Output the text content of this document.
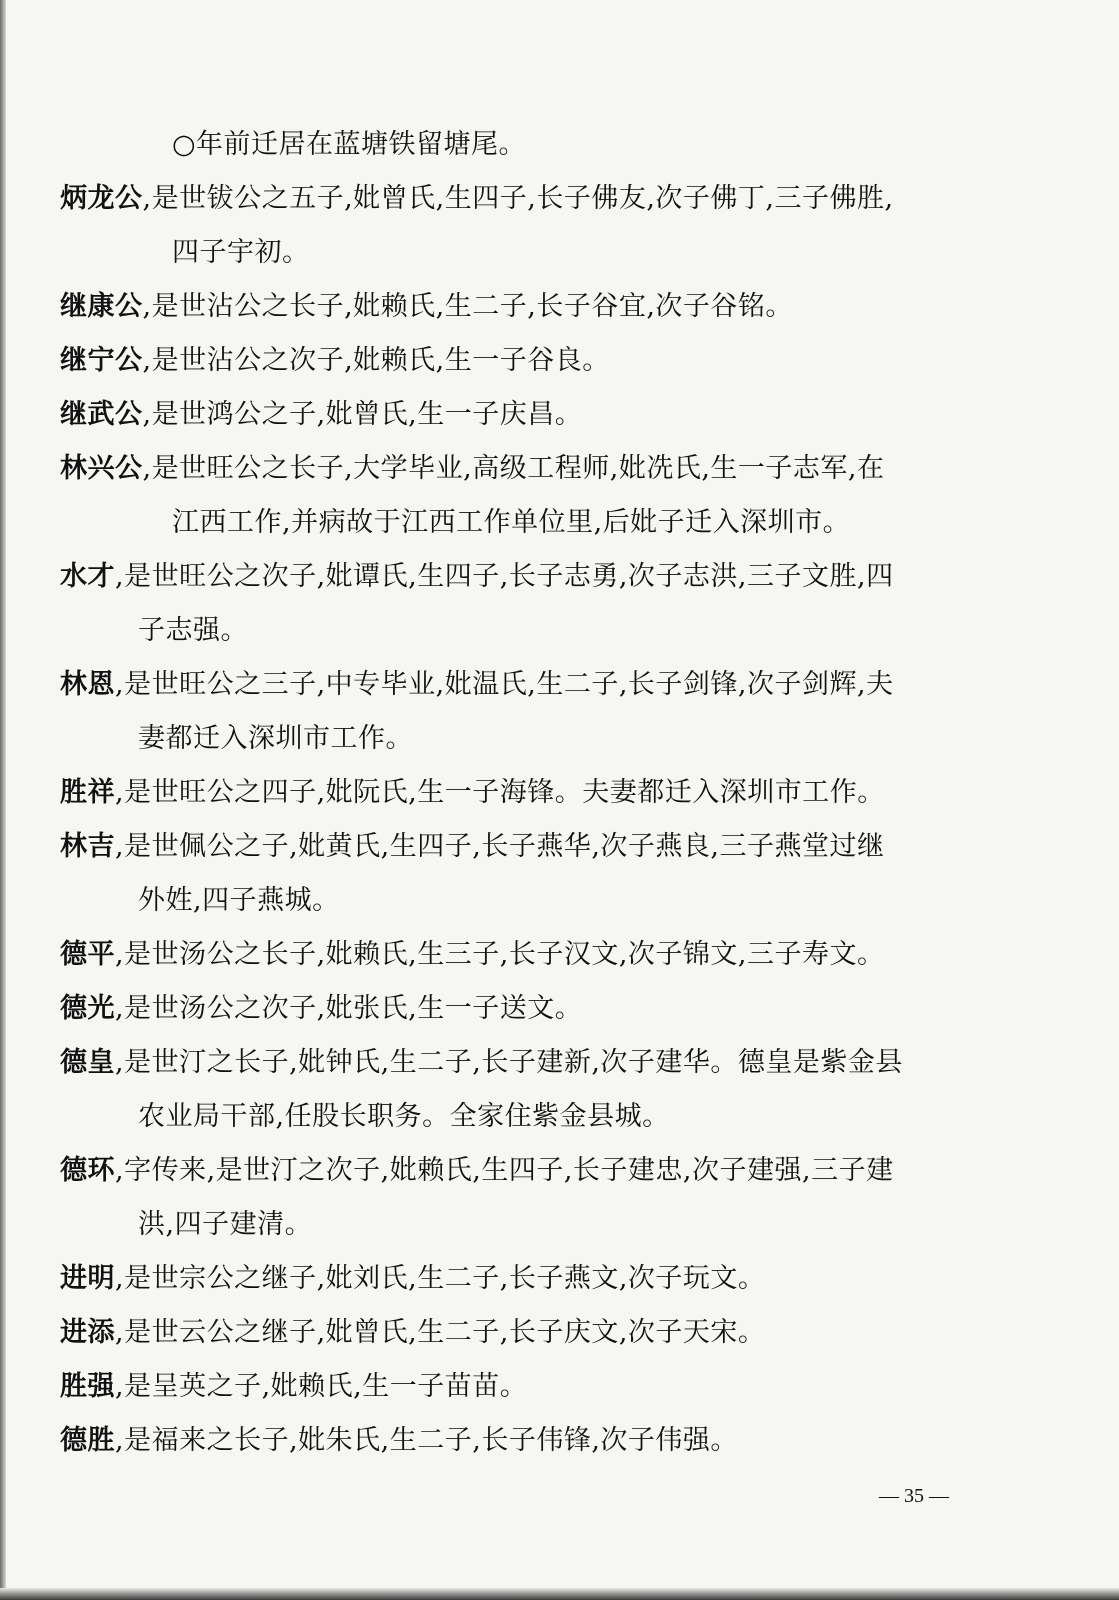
○年前迁居在蓝塘铁留塘尾。
炳龙公,是世钹公之五子,妣曾氏,生四子,长子佛友,次子佛丁,三子佛胜,
四子宇初。
继康公,是世沾公之长子,妣赖氏,生二子,长子谷宜,次子谷铭。
继宁公,是世沾公之次子,妣赖氏,生一子谷良。
继武公,是世鸿公之子,妣曾氏,生一子庆昌。
林兴公,是世旺公之长子,大学毕业,高级工程师,妣冼氏,生一子志军,在
江西工作,并病故于江西工作单位里,后妣子迁入深圳市。
水才,是世旺公之次子,妣谭氏,生四子,长子志勇,次子志洪,三子文胜,四
子志强。
林恩,是世旺公之三子,中专毕业,妣温氏,生二子,长子剑锋,次子剑辉,夫
妻都迁入深圳市工作。
胜祥,是世旺公之四子,妣阮氏,生一子海锋。夫妻都迁入深圳市工作。
林吉,是世佩公之子,妣黄氏,生四子,长子燕华,次子燕良,三子燕堂过继
外姓,四子燕城。
德平,是世汤公之长子,妣赖氏,生三子,长子汉文,次子锦文,三子寿文。
德光,是世汤公之次子,妣张氏,生一子送文。
德皇,是世汀之长子,妣钟氏,生二子,长子建新,次子建华。德皇是紫金县
农业局干部,任股长职务。全家住紫金县城。
德环,字传来,是世汀之次子,妣赖氏,生四子,长子建忠,次子建强,三子建
洪,四子建清。
进明,是世宗公之继子,妣刘氏,生二子,长子燕文,次子玩文。
进添,是世云公之继子,妣曾氏,生二子,长子庆文,次子天宋。
胜强,是呈英之子,妣赖氏,生一子苗苗。
德胜,是福来之长子,妣朱氏,生二子,长子伟锋,次子伟强。
— 35 —
